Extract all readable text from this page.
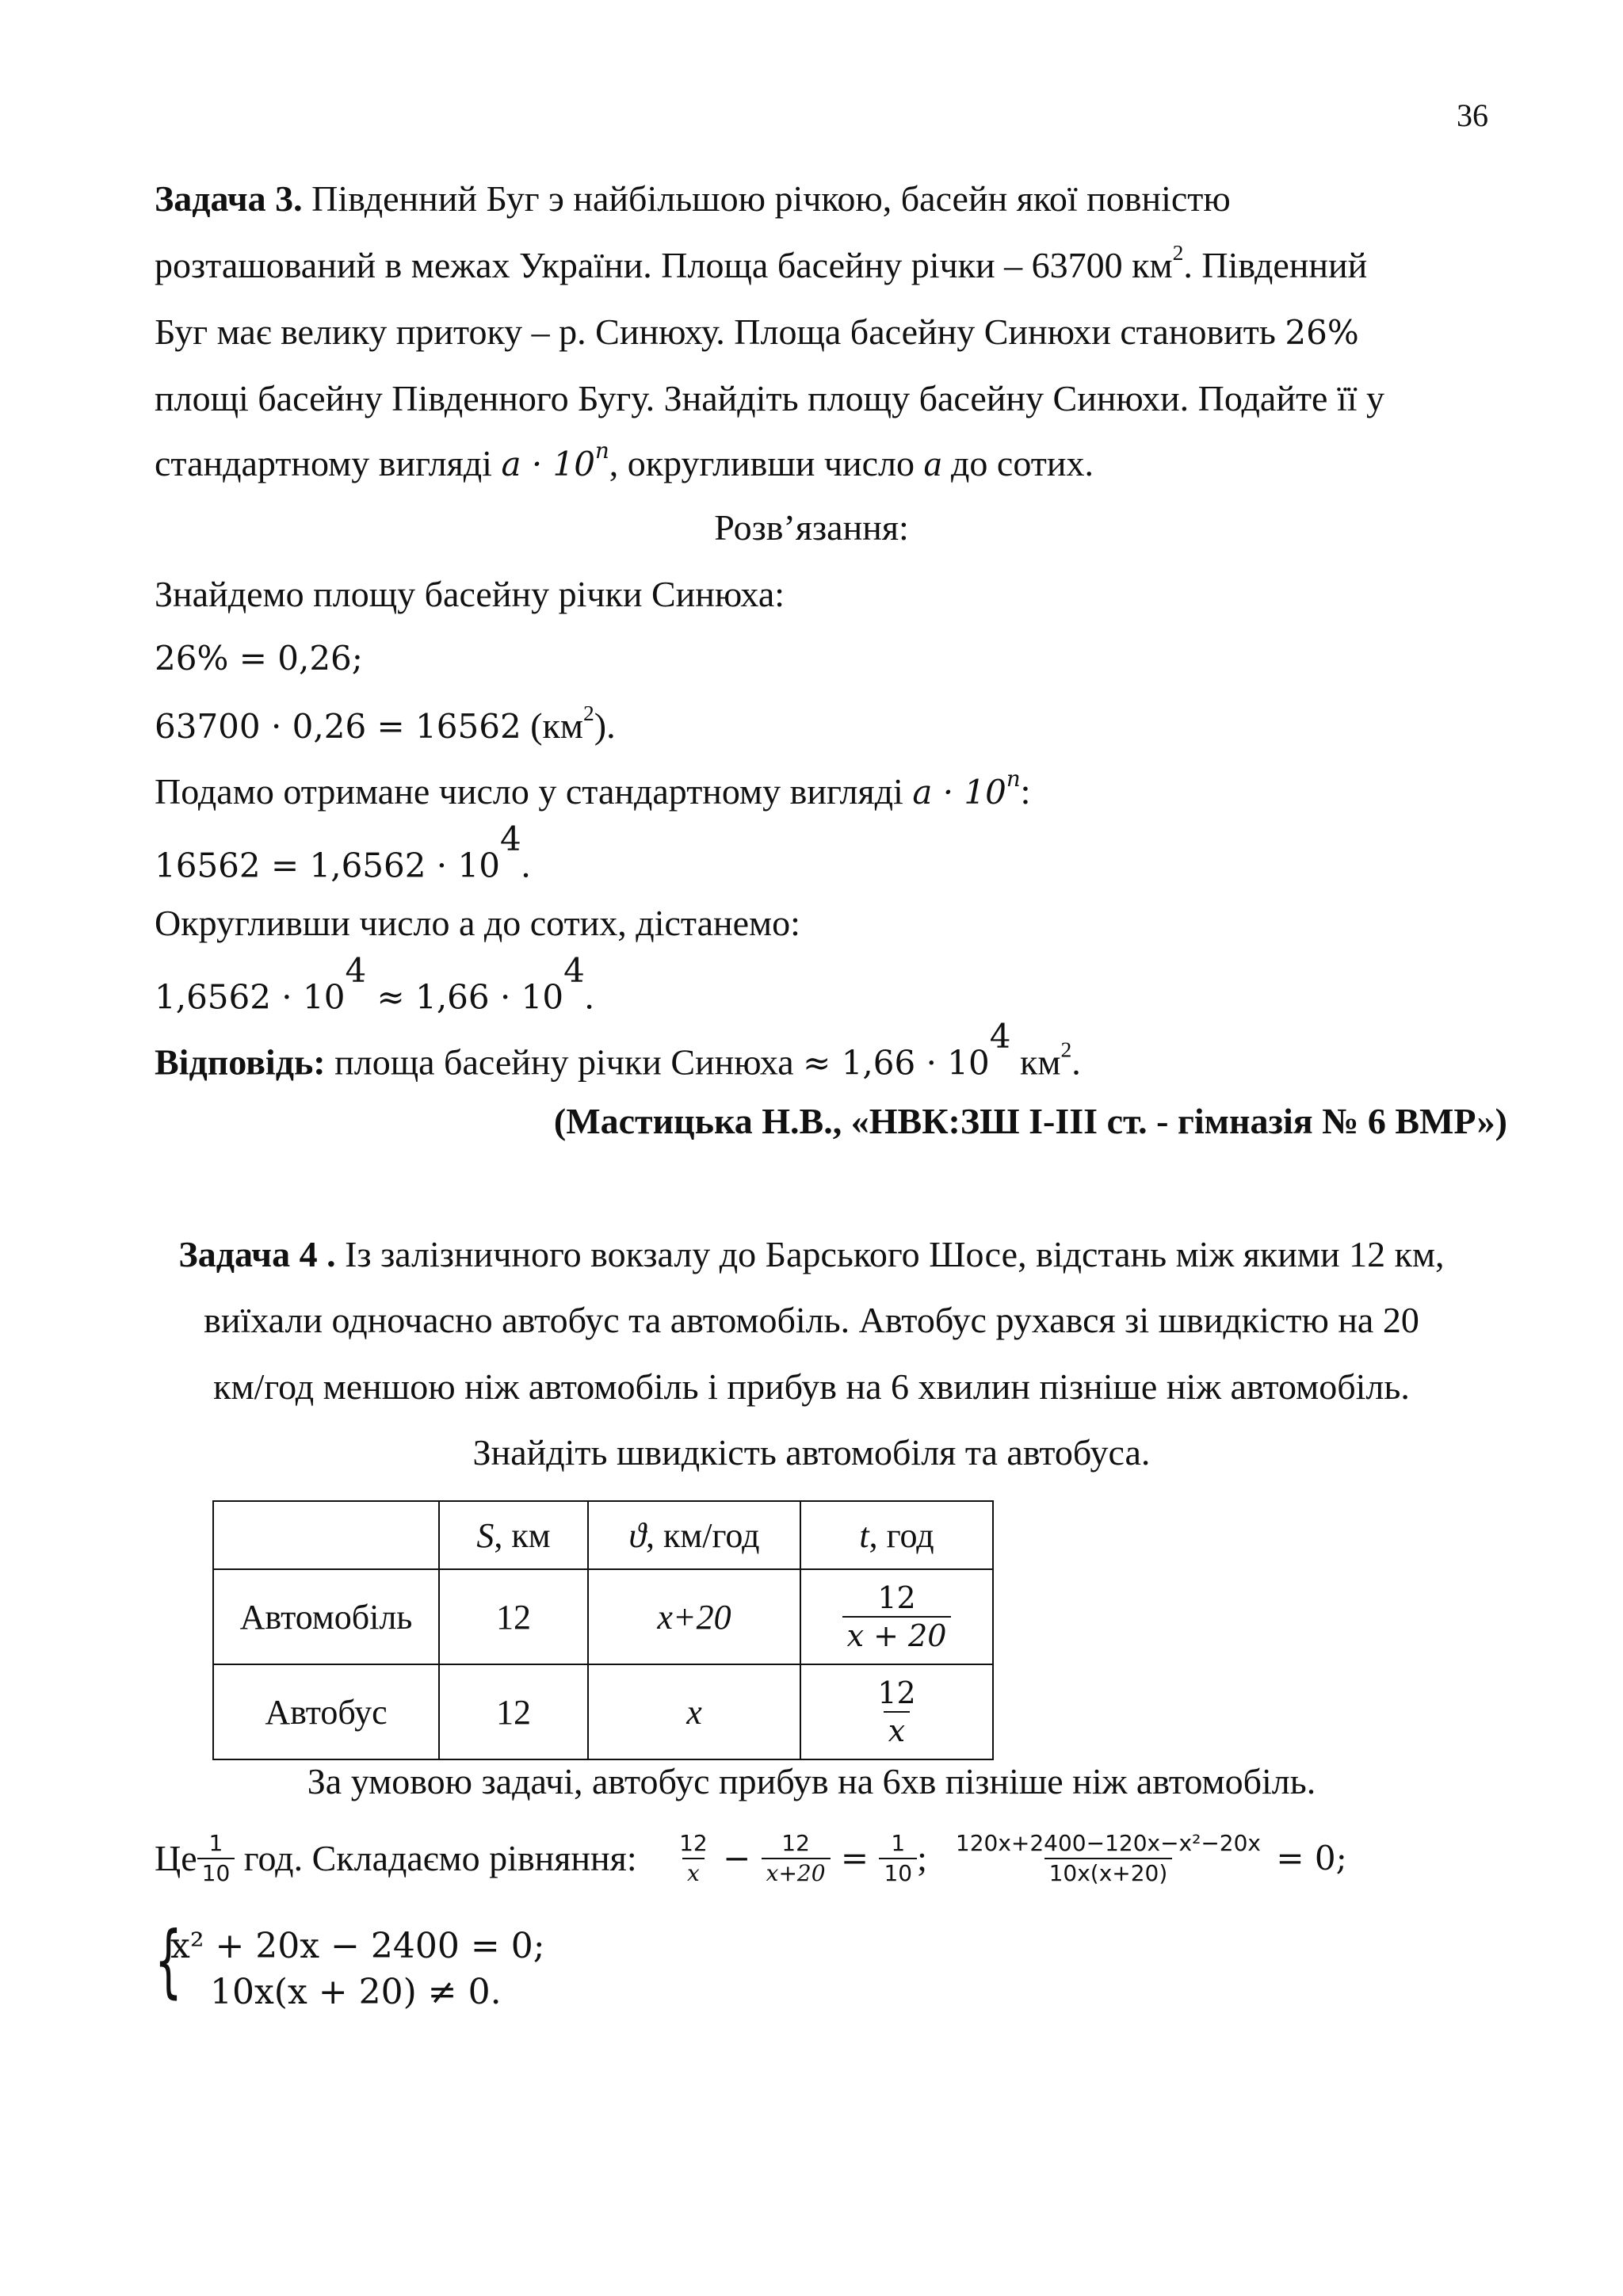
36
Задача 3. Південний Буг э найбільшою річкою, басейн якої повністю
розташований в межах України. Площа басейну річки – 63700 $км^2$. Південний
Буг має велику притоку – р. Синюху. Площа басейну Синюхи становить 26%
площі басейну Південного Бугу. Знайдіть площу басейну Синюхи. Подайте її у
стандартному вигляді $a \cdot 10^n$, округливши число a до сотих.
Розв’язання:
Знайдемо площу басейну річки Синюха:
26% = 0,26;
63700 · 0,26 = 16562 $(км^2)$.
Подамо отримане число у стандартному вигляді $a \cdot 10^n$:
$16562 = 1,6562 \cdot 10^4$.
Округливши число а до сотих, дістанемо:
$1,6562 \cdot 10^4 \approx 1,66 \cdot 10^4$.
Відповідь: площа басейну річки Синюха ≈ $1,66 \cdot 10^4$ $км^2$.
(Мастицька Н.В., «НВК:ЗШ І-ІІІ ст. - гімназія № 6 ВМР»)
Задача 4 . Із залізничного вокзалу до Барського Шосе, відстань між якими 12 км,
виїхали одночасно автобус та автомобіль. Автобус рухався зі швидкістю на 20
км/год меншою ніж автомобіль і прибув на 6 хвилин пізніше ніж автомобіль.
Знайдіть швидкість автомобіля та автобуса.
	S, км	ϑ, км/год	t, год
Автомобіль	12	x+20	$\frac{12}{x + 20}$

Автобус	12	x	$\frac{12}{x}$
За умовою задачі, автобус прибув на 6хв пізніше ніж автомобіль.
Це $\frac{1}{10}$ год. Складаємо рівняння: $\frac{12}{x} - \frac{12}{x+20} = \frac{1}{10}$ ; $\frac{\text{120x+2400−120x−x²−20x}}{10x(x+20)} = 0$;
{
x² + 20x − 2400 = 0;
10x(x + 20) ≠ 0.
